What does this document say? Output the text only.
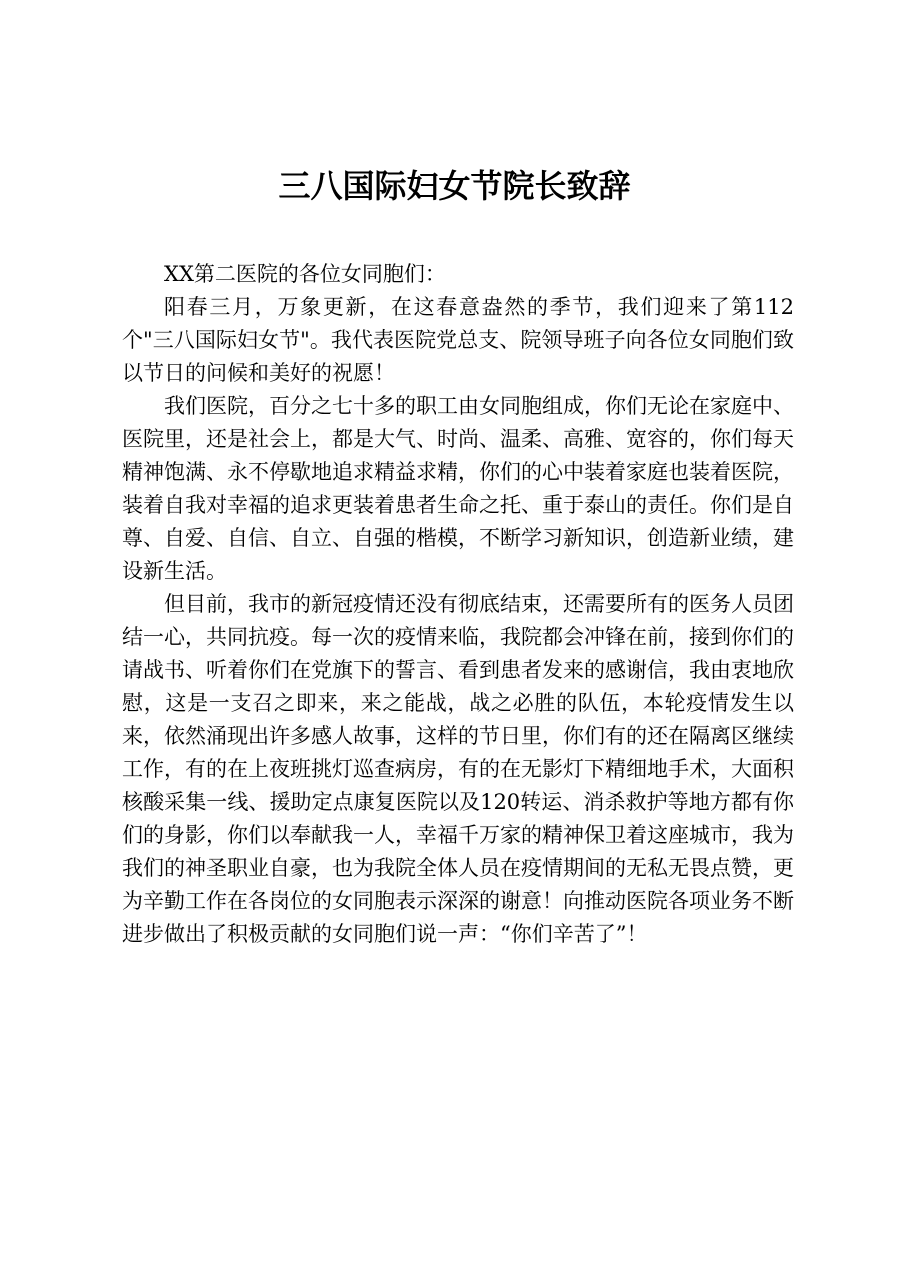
三八国际妇女节院长致辞

XX第二医院的各位女同胞们：

阳春三月，万象更新，在这春意盎然的季节，我们迎来了第112个"三八国际妇女节"。我代表医院党总支、院领导班子向各位女同胞们致以节日的问候和美好的祝愿！

我们医院，百分之七十多的职工由女同胞组成，你们无论在家庭中、医院里，还是社会上，都是大气、时尚、温柔、高雅、宽容的，你们每天精神饱满、永不停歇地追求精益求精，你们的心中装着家庭也装着医院，装着自我对幸福的追求更装着患者生命之托、重于泰山的责任。你们是自尊、自爱、自信、自立、自强的楷模，不断学习新知识，创造新业绩，建设新生活。

但目前，我市的新冠疫情还没有彻底结束，还需要所有的医务人员团结一心，共同抗疫。每一次的疫情来临，我院都会冲锋在前，接到你们的请战书、听着你们在党旗下的誓言、看到患者发来的感谢信，我由衷地欣慰，这是一支召之即来，来之能战，战之必胜的队伍，本轮疫情发生以来，依然涌现出许多感人故事，这样的节日里，你们有的还在隔离区继续工作，有的在上夜班挑灯巡查病房，有的在无影灯下精细地手术，大面积核酸采集一线、援助定点康复医院以及120转运、消杀救护等地方都有你们的身影，你们以奉献我一人，幸福千万家的精神保卫着这座城市，我为我们的神圣职业自豪，也为我院全体人员在疫情期间的无私无畏点赞，更为辛勤工作在各岗位的女同胞表示深深的谢意！向推动医院各项业务不断进步做出了积极贡献的女同胞们说一声：“你们辛苦了”！
